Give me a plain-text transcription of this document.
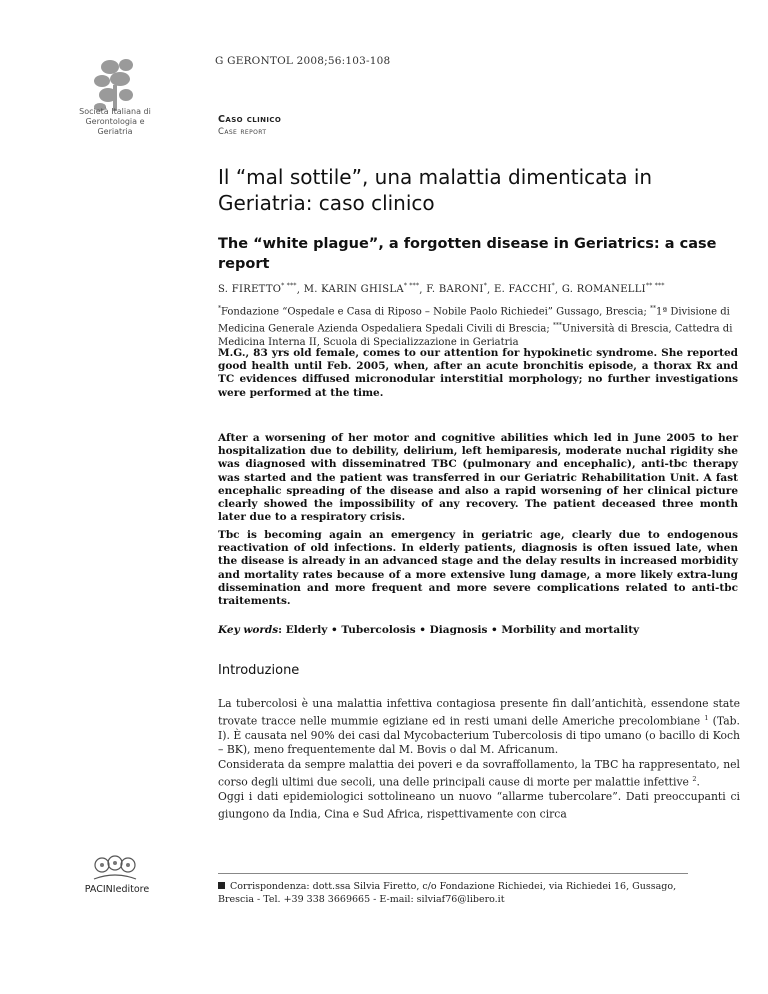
Società Italiana di
Gerontologia e
Geriatria
G GERONTOL 2008;56:103-108
Caso clinico
Case report
Il “mal sottile”, una malattia dimenticata in Geriatria: caso clinico
The “white plague”, a forgotten disease in Geriatrics: a case report
S. FIRETTO* ***, M. KARIN GHISLA* ***, F. BARONI*, E. FACCHI*, G. ROMANELLI** ***
*Fondazione “Ospedale e Casa di Riposo – Nobile Paolo Richiedei” Gussago, Brescia; **1ª Divisione di Medicina Generale Azienda Ospedaliera Spedali Civili di Brescia; ***Università di Brescia, Cattedra di Medicina Interna II, Scuola di Specializzazione in Geriatria
M.G., 83 yrs old female, comes to our attention for hypokinetic syndrome. She reported good health until Feb. 2005, when, after an acute bronchitis episode, a thorax Rx and TC evidences diffused micronodular interstitial morphology; no further investigations were performed at the time.
After a worsening of her motor and cognitive abilities which led in June 2005 to her hospitalization due to debility, delirium, left hemiparesis, moderate nuchal rigidity she was diagnosed with disseminatred TBC (pulmonary and encephalic), anti-tbc therapy was started and the patient was transferred in our Geriatric Rehabilitation Unit. A fast encephalic spreading of the disease and also a rapid worsening of her clinical picture clearly showed the impossibility of any recovery. The patient deceased three month later due to a respiratory crisis.
Tbc is becoming again an emergency in geriatric age, clearly due to endogenous reactivation of old infections. In elderly patients, diagnosis is often issued late, when the disease is already in an advanced stage and the delay results in increased morbidity and mortality rates because of a more extensive lung damage, a more likely extra-lung dissemination and more frequent and more severe complications related to anti-tbc traitements.
Key words: Elderly • Tubercolosis • Diagnosis • Morbility and mortality
Introduzione

La tubercolosi è una malattia infettiva contagiosa presente fin dall’antichità, essendone state trovate tracce nelle mummie egiziane ed in resti umani delle Americhe precolombiane $^1$ (Tab. I). È causata nel 90% dei casi dal Mycobacterium Tubercolosis di tipo umano (o bacillo di Koch – BK), meno frequentemente dal M. Bovis o dal M. Africanum.

Considerata da sempre malattia dei poveri e da sovraffollamento, la TBC ha rappresentato, nel corso degli ultimi due secoli, una delle principali cause di morte per malattie infettive $^2$.

Oggi i dati epidemiologici sottolineano un nuovo “allarme tubercolare”. Dati preoccupanti ci giungono da India, Cina e Sud Africa, rispettivamente con circa

Corrispondenza: dott.ssa Silvia Firetto, c/o Fondazione Richiedei, via Richiedei 16, Gussago, Brescia - Tel. +39 338 3669665 - E-mail: silviaf76@libero.it
PACINIeditore
